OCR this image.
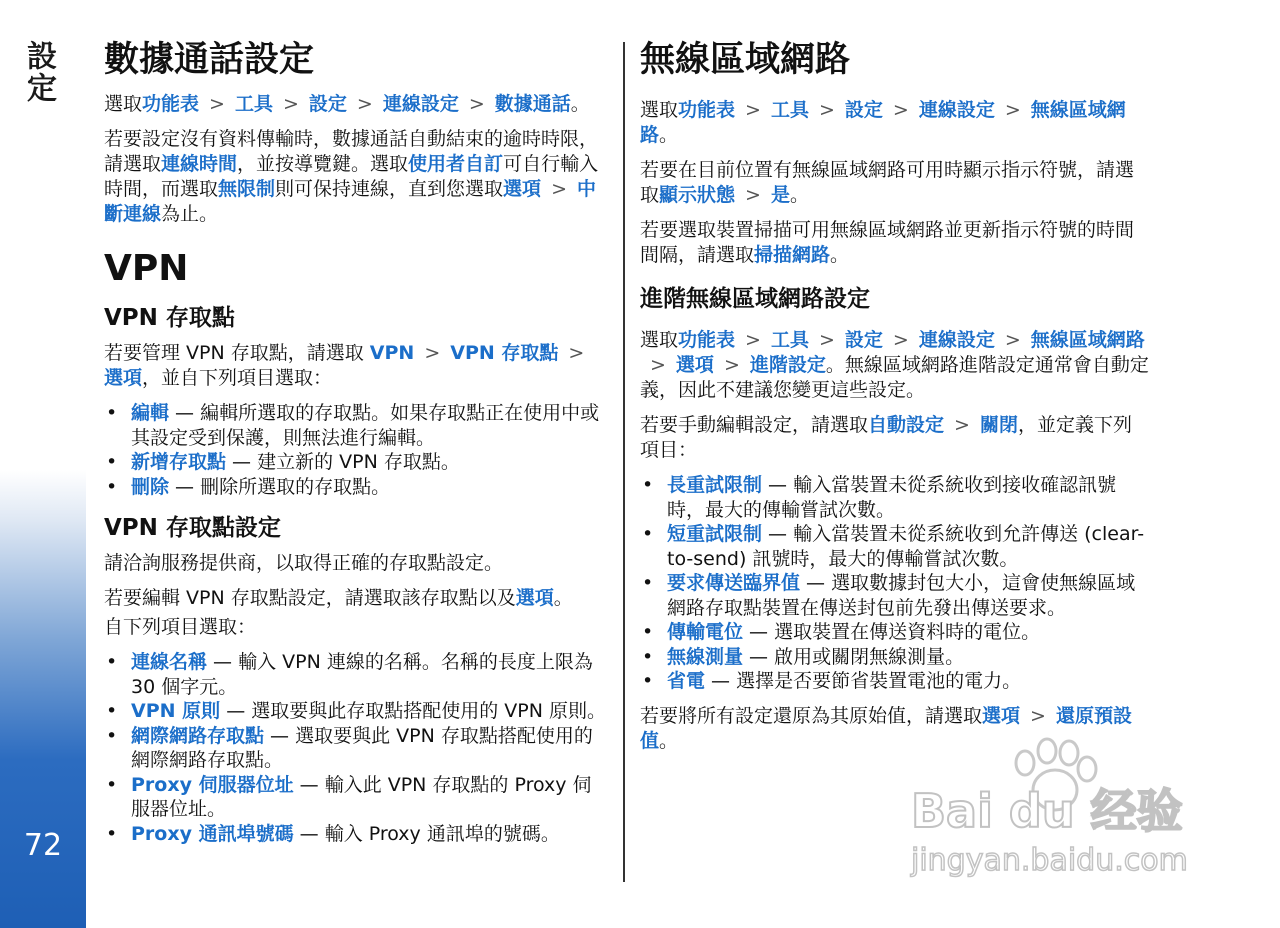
設定
72
數據通話設定

選取功能表 > 工具 > 設定 > 連線設定 > 數據通話。

若要設定沒有資料傳輸時，數據通話自動結束的逾時時限，請選取連線時間，並按導覽鍵。選取使用者自訂可自行輸入時間，而選取無限制則可保持連線，直到您選取選項 > 中斷連線為止。

VPN
VPN 存取點

若要管理 VPN 存取點，請選取 VPN > VPN 存取點 >選項，並自下列項目選取：

• 編輯 — 編輯所選取的存取點。如果存取點正在使用中或其設定受到保護，則無法進行編輯。
• 新增存取點 — 建立新的 VPN 存取點。
• 刪除 — 刪除所選取的存取點。
VPN 存取點設定

請洽詢服務提供商，以取得正確的存取點設定。

若要編輯 VPN 存取點設定，請選取該存取點以及選項。

自下列項目選取：

• 連線名稱 — 輸入 VPN 連線的名稱。名稱的長度上限為 30 個字元。
• VPN 原則 — 選取要與此存取點搭配使用的 VPN 原則。
• 網際網路存取點 — 選取要與此 VPN 存取點搭配使用的網際網路存取點。
• Proxy 伺服器位址 — 輸入此 VPN 存取點的 Proxy 伺服器位址。
• Proxy 通訊埠號碼 — 輸入 Proxy 通訊埠的號碼。
無線區域網路

選取功能表 > 工具 > 設定 > 連線設定 > 無線區域網路。

若要在目前位置有無線區域網路可用時顯示指示符號，請選取顯示狀態 > 是。

若要選取裝置掃描可用無線區域網路並更新指示符號的時間間隔，請選取掃描網路。

進階無線區域網路設定

選取功能表 > 工具 > 設定 > 連線設定 > 無線區域網路> 選項 > 進階設定。無線區域網路進階設定通常會自動定義，因此不建議您變更這些設定。

若要手動編輯設定，請選取自動設定 > 關閉，並定義下列項目：

• 長重試限制 — 輸入當裝置未從系統收到接收確認訊號時，最大的傳輸嘗試次數。
• 短重試限制 — 輸入當裝置未從系統收到允許傳送 (clear-to-send) 訊號時，最大的傳輸嘗試次數。
• 要求傳送臨界值 — 選取數據封包大小，這會使無線區域網路存取點裝置在傳送封包前先發出傳送要求。
• 傳輸電位 — 選取裝置在傳送資料時的電位。
• 無線測量 — 啟用或關閉無線測量。
• 省電 — 選擇是否要節省裝置電池的電力。

若要將所有設定還原為其原始值，請選取選項 > 還原預設值。

Bai du 经验
jingyan.baidu.com
